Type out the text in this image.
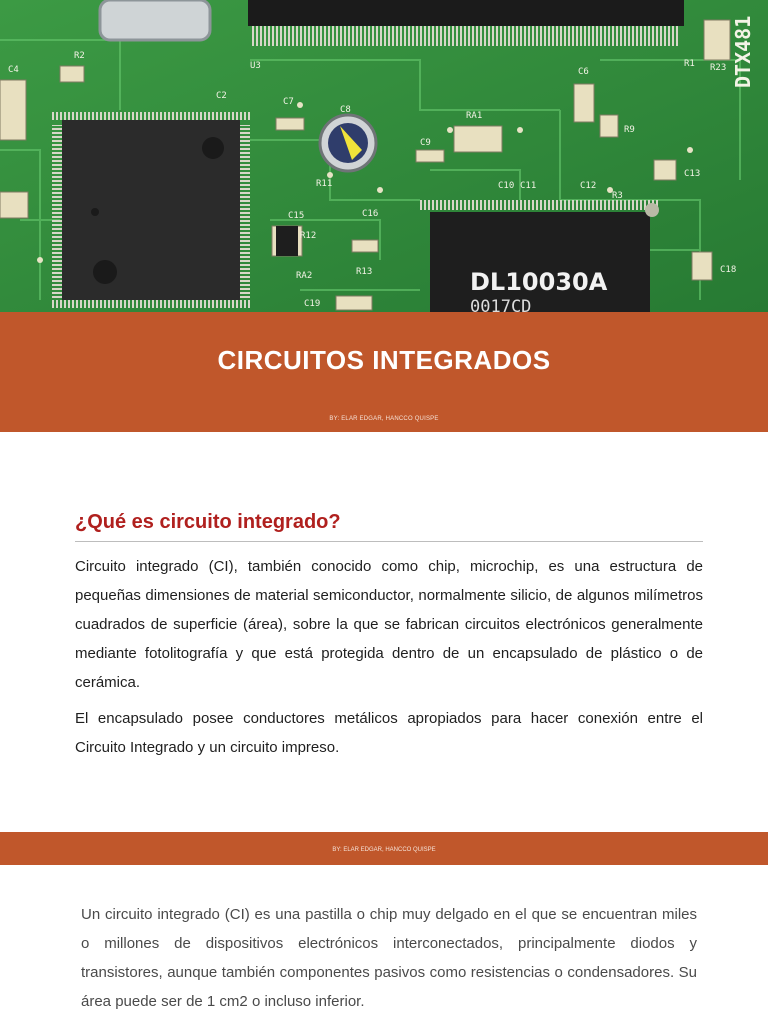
C4
R2
U3
C2
C7
C8
C9
RA1
C6
R9
C13
C10 C11	C12
R3
R11
C15	C16
R12
RA2	R13
C19
C18
R1 R23 DTX481
DL10030A
0017CD
CIRCUITOS INTEGRADOS
BY: ELAR EDGAR, HANCCO QUISPE
¿Qué es circuito integrado?

Circuito integrado (CI), también conocido como chip, microchip, es una estructura de pequeñas dimensiones de material semiconductor, normalmente silicio, de algunos milímetros cuadrados de superficie (área), sobre la que se fabrican circuitos electrónicos generalmente mediante fotolitografía y que está protegida dentro de un encapsulado de plástico o de cerámica.

El encapsulado posee conductores metálicos apropiados para hacer conexión entre el Circuito Integrado y un circuito impreso.

BY: ELAR EDGAR, HANCCO QUISPE

Un circuito integrado (CI) es una pastilla o chip muy delgado en el que se encuentran miles o millones de dispositivos electrónicos interconectados, principalmente diodos y transistores, aunque también componentes pasivos como resistencias o condensadores. Su área puede ser de 1 cm2 o incluso inferior.
